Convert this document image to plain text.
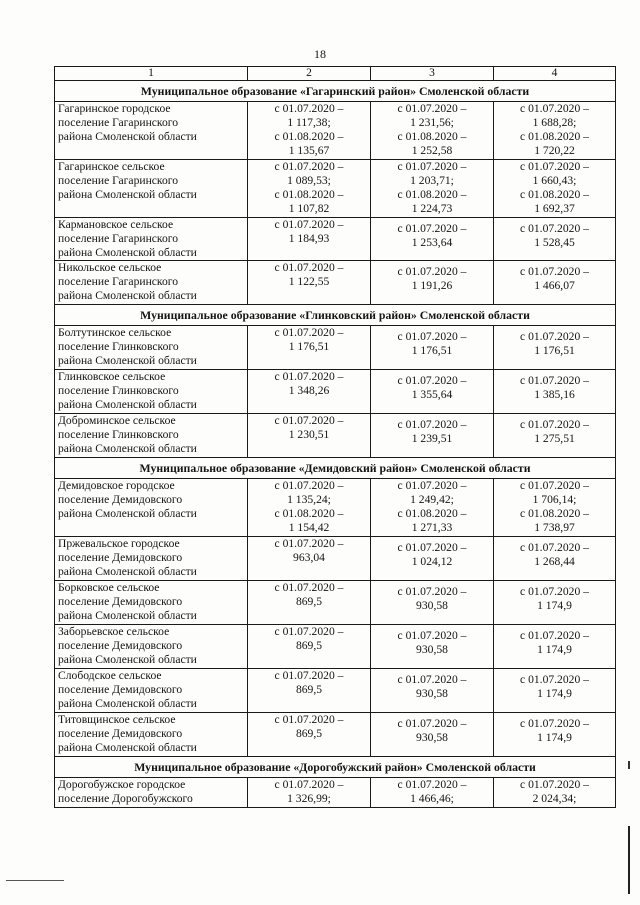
18
1	2	3	4
Муниципальное образование «Гагаринский район» Смоленской области			

Гагаринское городское
поселение Гагаринского
района Смоленской области	с 01.07.2020 –
1 117,38;
с 01.08.2020 –
1 135,67	с 01.07.2020 –
1 231,56;
с 01.08.2020 –
1 252,58	с 01.07.2020 –
1 688,28;
с 01.08.2020 –
1 720,22

Гагаринское сельское
поселение Гагаринского
района Смоленской области	с 01.07.2020 –
1 089,53;
с 01.08.2020 –
1 107,82	с 01.07.2020 –
1 203,71;
с 01.08.2020 –
1 224,73	с 01.07.2020 –
1 660,43;
с 01.08.2020 –
1 692,37

Кармановское сельское
поселение Гагаринского
района Смоленской области	с 01.07.2020 –
1 184,93	с 01.07.2020 –
1 253,64	с 01.07.2020 –
1 528,45

Никольское сельское
поселение Гагаринского
района Смоленской области	с 01.07.2020 –
1 122,55	с 01.07.2020 –
1 191,26	с 01.07.2020 –
1 466,07

Муниципальное образование «Глинковский район» Смоленской области			

Болтутинское сельское
поселение Глинковского
района Смоленской области	с 01.07.2020 –
1 176,51	с 01.07.2020 –
1 176,51	с 01.07.2020 –
1 176,51

Глинковское сельское
поселение Глинковского
района Смоленской области	с 01.07.2020 –
1 348,26	с 01.07.2020 –
1 355,64	с 01.07.2020 –
1 385,16

Доброминское сельское
поселение Глинковского
района Смоленской области	с 01.07.2020 –
1 230,51	с 01.07.2020 –
1 239,51	с 01.07.2020 –
1 275,51

Муниципальное образование «Демидовский район» Смоленской области			

Демидовское городское
поселение Демидовского
района Смоленской области	с 01.07.2020 –
1 135,24;
с 01.08.2020 –
1 154,42	с 01.07.2020 –
1 249,42;
с 01.08.2020 –
1 271,33	с 01.07.2020 –
1 706,14;
с 01.08.2020 –
1 738,97

Пржевальское городское
поселение Демидовского
района Смоленской области	с 01.07.2020 –
963,04	с 01.07.2020 –
1 024,12	с 01.07.2020 –
1 268,44

Борковское сельское
поселение Демидовского
района Смоленской области	с 01.07.2020 –
869,5	с 01.07.2020 –
930,58	с 01.07.2020 –
1 174,9

Заборьевское сельское
поселение Демидовского
района Смоленской области	с 01.07.2020 –
869,5	с 01.07.2020 –
930,58	с 01.07.2020 –
1 174,9

Слободское сельское
поселение Демидовского
района Смоленской области	с 01.07.2020 –
869,5	с 01.07.2020 –
930,58	с 01.07.2020 –
1 174,9

Титовщинское сельское
поселение Демидовского
района Смоленской области	с 01.07.2020 –
869,5	с 01.07.2020 –
930,58	с 01.07.2020 –
1 174,9

Муниципальное образование «Дорогобужский район» Смоленской области			

Дорогобужское городское
поселение Дорогобужского	с 01.07.2020 –
1 326,99;	с 01.07.2020 –
1 466,46;	с 01.07.2020 –
2 024,34;
